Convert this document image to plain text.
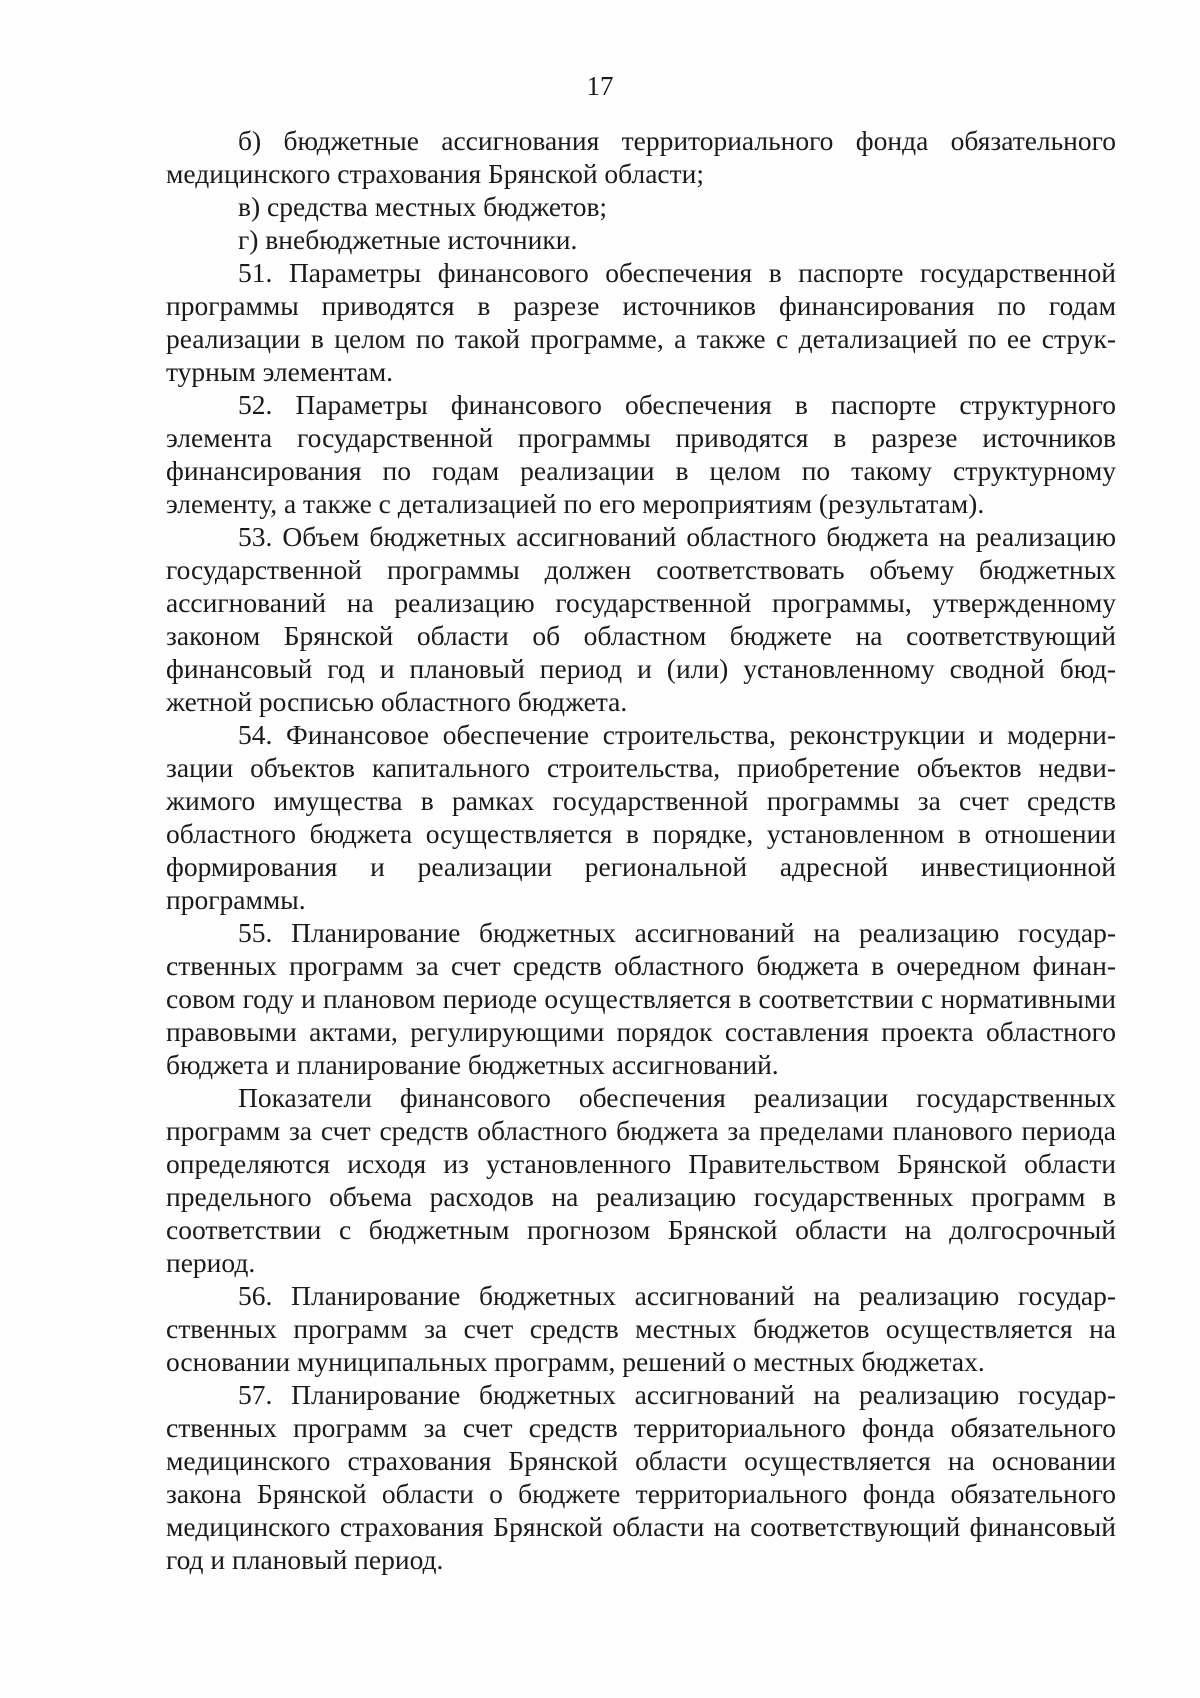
17

б) бюджетные ассигнования территориального фонда обязательного медицинского страхования Брянской области;

в) средства местных бюджетов;

г) внебюджетные источники.

51. Параметры финансового обеспечения в паспорте государственной программы приводятся в разрезе источников финансирования по годам реализации в целом по такой программе, а также с детализацией по ее структурным элементам.

52. Параметры финансового обеспечения в паспорте структурного элемента государственной программы приводятся в разрезе источников финансирования по годам реализации в целом по такому структурному элементу, а также с детализацией по его мероприятиям (результатам).

53. Объем бюджетных ассигнований областного бюджета на реализацию государственной программы должен соответствовать объему бюджетных ассигнований на реализацию государственной программы, утвержденному законом Брянской области об областном бюджете на соответствующий финансовый год и плановый период и (или) установленному сводной бюджетной росписью областного бюджета.

54. Финансовое обеспечение строительства, реконструкции и модернизации объектов капитального строительства, приобретение объектов недвижимого имущества в рамках государственной программы за счет средств областного бюджета осуществляется в порядке, установленном в отношении формирования и реализации региональной адресной инвестиционной программы.

55. Планирование бюджетных ассигнований на реализацию государственных программ за счет средств областного бюджета в очередном финансовом году и плановом периоде осуществляется в соответствии с нормативными правовыми актами, регулирующими порядок составления проекта областного бюджета и планирование бюджетных ассигнований.

Показатели финансового обеспечения реализации государственных программ за счет средств областного бюджета за пределами планового периода определяются исходя из установленного Правительством Брянской области предельного объема расходов на реализацию государственных программ в соответствии с бюджетным прогнозом Брянской области на долгосрочный период.

56. Планирование бюджетных ассигнований на реализацию государственных программ за счет средств местных бюджетов осуществляется на основании муниципальных программ, решений о местных бюджетах.

57. Планирование бюджетных ассигнований на реализацию государственных программ за счет средств территориального фонда обязательного медицинского страхования Брянской области осуществляется на основании закона Брянской области о бюджете территориального фонда обязательного медицинского страхования Брянской области на соответствующий финансовый год и плановый период.
